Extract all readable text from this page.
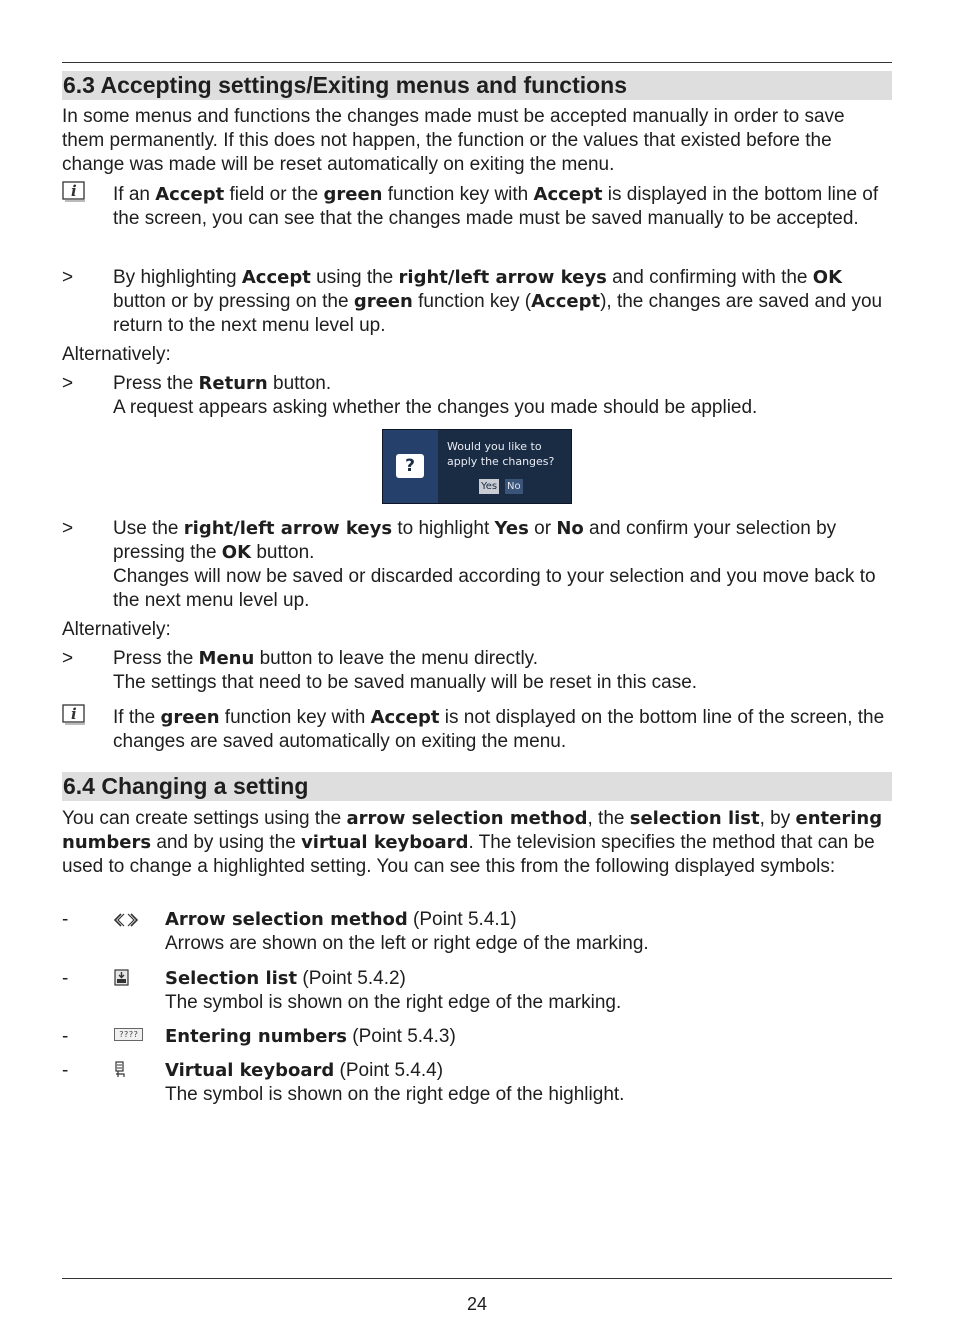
6.3 Accepting settings/Exiting menus and functions

In some menus and functions the changes made must be accepted manually in order to save them permanently. If this does not happen, the function or the values that existed before the change was made will be reset automatically on exiting the menu.

i If an Accept field or the green function key with Accept is displayed in the bottom line of the screen, you can see that the changes made must be saved manually to be accepted.

> By highlighting Accept using the right/left arrow keys and confirming with the OK button or by pressing on the green function key (Accept), the changes are saved and you return to the next menu level up.

Alternatively:

> Press the Return button.
A request appears asking whether the changes you made should be applied.

?
Would you like to apply the changes?
Yes No
> Use the right/left arrow keys to highlight Yes or No and confirm your selection by pressing the OK button.
Changes will now be saved or discarded according to your selection and you move back to the next menu level up.

Alternatively:

> Press the Menu button to leave the menu directly.
The settings that need to be saved manually will be reset in this case.

i If the green function key with Accept is not displayed on the bottom line of the screen, the changes are saved automatically on exiting the menu.

6.4 Changing a setting

You can create settings using the arrow selection method, the selection list, by entering numbers and by using the virtual keyboard. The television specifies the method that can be used to change a highlighted setting. You can see this from the following displayed symbols:

-	Arrow selection method (Point 5.4.1)
Arrows are shown on the left or right edge of the marking.

-	Selection list (Point 5.4.2)
The symbol is shown on the right edge of the marking.

-	???? Entering numbers (Point 5.4.3)

-	Virtual keyboard (Point 5.4.4)
The symbol is shown on the right edge of the highlight.

24
